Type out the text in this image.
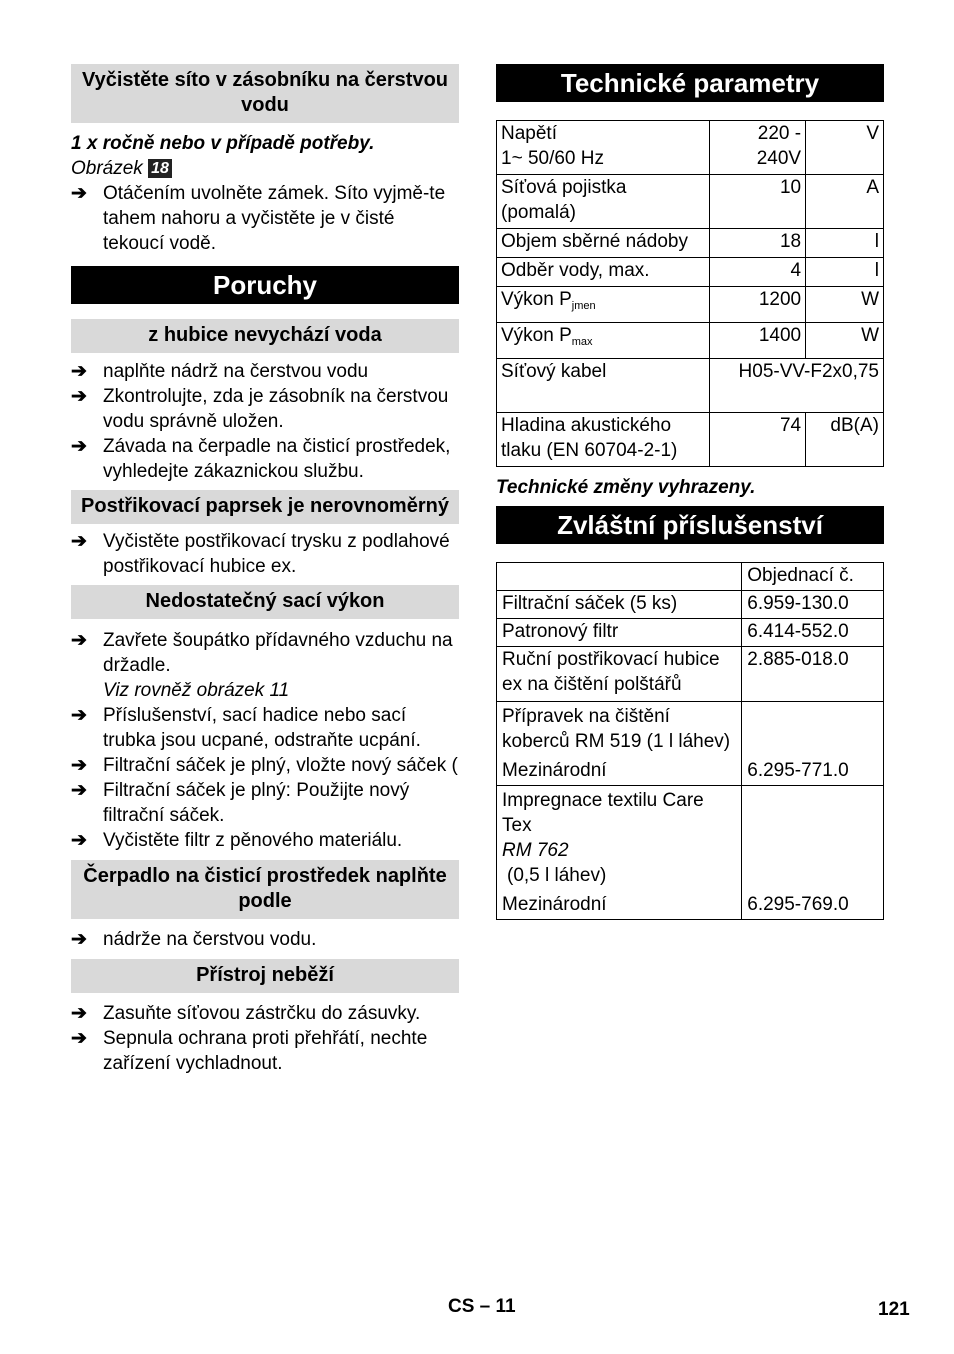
Vyčistěte síto v zásobníku na čerstvou vodu
1 x ročně nebo v případě potřeby.
Obrázek 18
➔ Otáčením uvolněte zámek. Síto vyjmě-te tahem nahoru a vyčistěte je v čisté tekoucí vodě.
Poruchy
z hubice nevychází voda
➔ naplňte nádrž na čerstvou vodu
➔ Zkontrolujte, zda je zásobník na čerstvou vodu správně uložen.
➔ Závada na čerpadle na čisticí prostředek, vyhledejte zákaznickou službu.
Postřikovací paprsek je nerovnoměrný
➔ Vyčistěte postřikovací trysku z podlahové postřikovací hubice ex.
Nedostatečný sací výkon
➔ Zavřete šoupátko přídavného vzduchu na držadle.
Viz rovněž obrázek 11
➔ Příslušenství, sací hadice nebo sací trubka jsou ucpané, odstraňte ucpání.
➔ Filtrační sáček je plný, vložte nový sáček (
➔ Filtrační sáček je plný: Použijte nový filtrační sáček.
➔ Vyčistěte filtr z pěnového materiálu.
Čerpadlo na čisticí prostředek naplňte podle
➔ nádrže na čerstvou vodu.
Přístroj neběží
➔ Zasuňte síťovou zástrčku do zásuvky.
➔ Sepnula ochrana proti přehřátí, nechte zařízení vychladnout.
Technické parametry
Napětí
1~ 50/60 Hz	220 - 240V	V
Síťová pojistka (pomalá)	10	A
Objem sběrné nádoby	18	l
Odběr vody, max.	4	l
Výkon $P_{jmen}$	1200	W
Výkon $P_{max}$	1400	W
Síťový kabel	H05-VV-F2x0,75	
Hladina akustického tlaku (EN 60704-2-1)	74	dB(A)
Technické změny vyhrazeny.
Zvláštní příslušenství
	Objednací č.
Filtrační sáček (5 ks)	6.959-130.0
Patronový filtr	6.414-552.0
Ruční postřikovací hubice ex na čištění polštářů	2.885-018.0

Přípravek na čištění koberců RM 519 (1 l láhev)
Mezinárodní	6.295-771.0

Impregnace textilu Care Tex
RM 762
(0,5 l láhev)
Mezinárodní	6.295-769.0
CS – 11	121
